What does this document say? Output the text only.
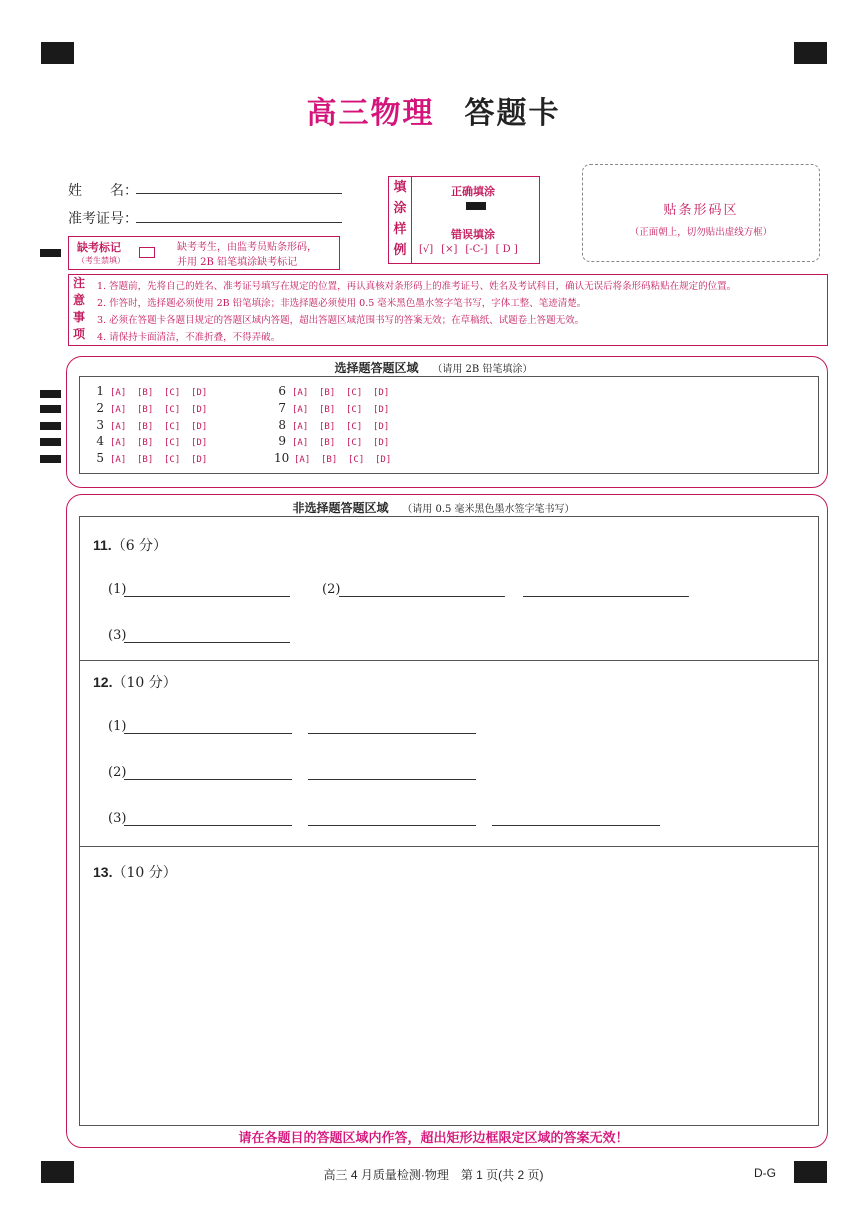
高三物理 答题卡
姓　　名：
准考证号：
缺考标记
（考生禁填）
缺考考生，由监考员贴条形码，
并用 2B 铅笔填涂缺考标记
填
涂
样
例
正确填涂
错误填涂
[√] [×] [-C-] [ D ]
贴条形码区
（正面朝上，切勿贴出虚线方框）
注
意
事
项
1. 答题前，先将自己的姓名、准考证号填写在规定的位置，再认真核对条形码上的准考证号、姓名及考试科目，确认无误后将条形码粘贴在规定的位置。
2. 作答时，选择题必须使用 2B 铅笔填涂；非选择题必须使用 0.5 毫米黑色墨水签字笔书写，字体工整、笔迹清楚。
3. 必须在答题卡各题目规定的答题区域内答题，超出答题区域范围书写的答案无效；在草稿纸、试题卷上答题无效。
4. 请保持卡面清洁，不准折叠，不得弄破。
选择题答题区域 （请用 2B 铅笔填涂）
1 [A] [B] [C] [D]
2 [A] [B] [C] [D]
3 [A] [B] [C] [D]
4 [A] [B] [C] [D]
5 [A] [B] [C] [D]
6 [A] [B] [C] [D]
7 [A] [B] [C] [D]
8 [A] [B] [C] [D]
9 [A] [B] [C] [D]
10 [A] [B] [C] [D]
非选择题答题区域 （请用 0.5 毫米黑色墨水签字笔书写）
11.（6 分）
(1)	(2)
(3)
12.（10 分）
(1)
(2)
(3)
13.（10 分）
请在各题目的答题区域内作答，超出矩形边框限定区域的答案无效！
高三 4 月质量检测·物理　第 1 页(共 2 页)	D-G
